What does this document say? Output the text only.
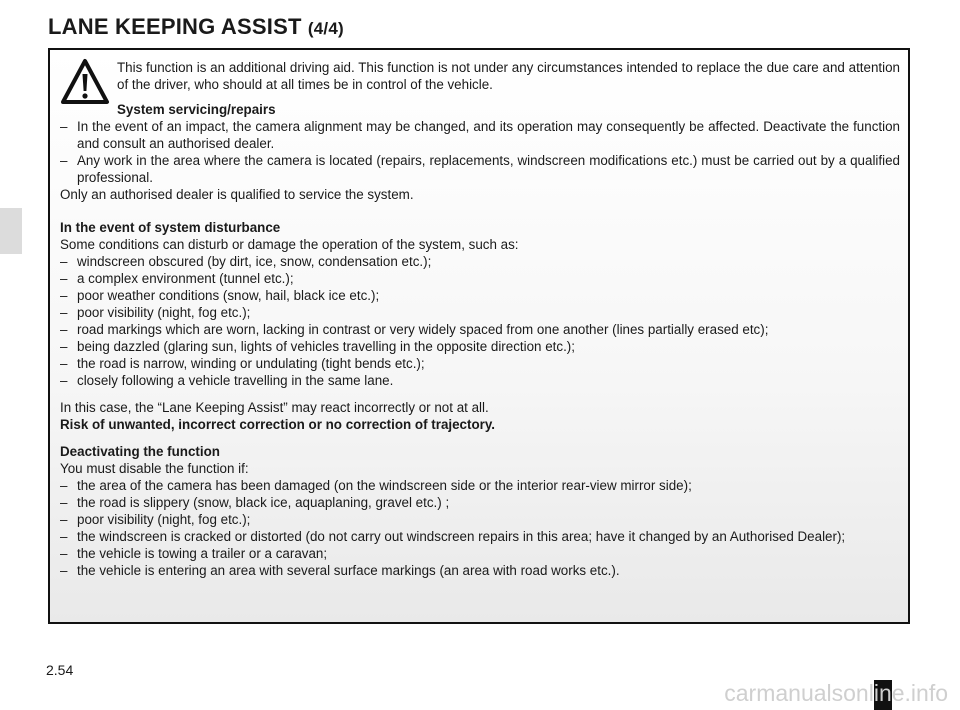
LANE KEEPING ASSIST (4/4)

This function is an additional driving aid. This function is not under any circumstances intended to replace the due care and attention of the driver, who should at all times be in control of the vehicle.

System servicing/repairs

– In the event of an impact, the camera alignment may be changed, and its operation may consequently be affected. Deactivate the function and consult an authorised dealer.

– Any work in the area where the camera is located (repairs, replacements, windscreen modifications etc.) must be carried out by a qualified professional.

Only an authorised dealer is qualified to service the system.

In the event of system disturbance

Some conditions can disturb or damage the operation of the system, such as:

– windscreen obscured (by dirt, ice, snow, condensation etc.);

– a complex environment (tunnel etc.);

– poor weather conditions (snow, hail, black ice etc.);

– poor visibility (night, fog etc.);

– road markings which are worn, lacking in contrast or very widely spaced from one another (lines partially erased etc);

– being dazzled (glaring sun, lights of vehicles travelling in the opposite direction etc.);

– the road is narrow, winding or undulating (tight bends etc.);

– closely following a vehicle travelling in the same lane.

In this case, the “Lane Keeping Assist” may react incorrectly or not at all.

Risk of unwanted, incorrect correction or no correction of trajectory.

Deactivating the function

You must disable the function if:

– the area of the camera has been damaged (on the windscreen side or the interior rear-view mirror side);

– the road is slippery (snow, black ice, aquaplaning, gravel etc.) ;

– poor visibility (night, fog etc.);

– the windscreen is cracked or distorted (do not carry out windscreen repairs in this area; have it changed by an Authorised Dealer);

– the vehicle is towing a trailer or a caravan;

– the vehicle is entering an area with several surface markings (an area with road works etc.).

2.54
carmanualsonline.info
